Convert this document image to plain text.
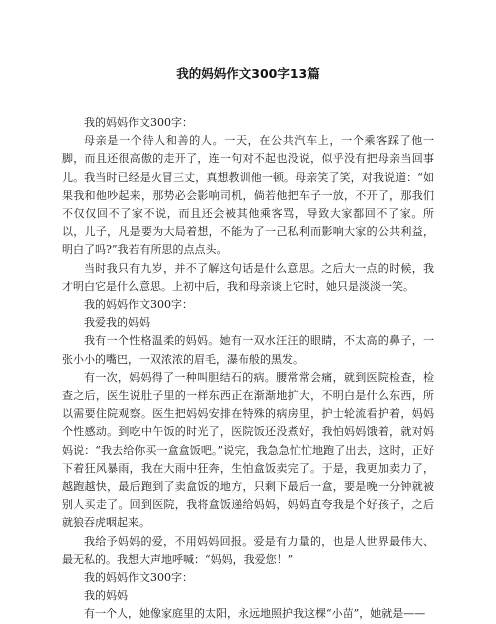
我的妈妈作文300字13篇

我的妈妈作文300字：

母亲是一个待人和善的人。一天，在公共汽车上，一个乘客踩了他一脚，而且还很高傲的走开了，连一句对不起也没说，似乎没有把母亲当回事儿。我当时已经是火冒三丈，真想教训他一顿。母亲笑了笑，对我说道：“如果我和他吵起来，那势必会影响司机，倘若他把车子一放，不开了，那我们不仅仅回不了家不说，而且还会被其他乘客骂，导致大家都回不了家。所以，儿子，凡是要为大局着想，不能为了一己私利而影响大家的公共利益，明白了吗?”我若有所思的点点头。

当时我只有九岁，并不了解这句话是什么意思。之后大一点的时候，我才明白它是什么意思。上初中后，我和母亲谈上它时，她只是淡淡一笑。

我的妈妈作文300字：

我爱我的妈妈

我有一个性格温柔的妈妈。她有一双水汪汪的眼睛，不太高的鼻子，一张小小的嘴巴，一双浓浓的眉毛，瀑布般的黑发。

有一次，妈妈得了一种叫胆结石的病。腰常常会痛，就到医院检查，检查之后，医生说肚子里的一样东西正在渐渐地扩大，不明白是什么东西，所以需要住院观察。医生把妈妈安排在特殊的病房里，护士轮流看护着，妈妈个性感动。到吃中午饭的时光了，医院饭还没煮好，我怕妈妈饿着，就对妈妈说：“我去给你买一盒盒饭吧。”说完，我急急忙忙地跑了出去，这时，正好下着狂风暴雨，我在大雨中狂奔，生怕盒饭卖完了。于是，我更加卖力了，越跑越快，最后跑到了卖盒饭的地方，只剩下最后一盒，要是晚一分钟就被别人买走了。回到医院，我将盒饭递给妈妈，妈妈直夸我是个好孩子，之后就狼吞虎咽起来。

我给予妈妈的爱，不用妈妈回报。爱是有力量的，也是人世界最伟大、最无私的。我想大声地呼喊：“妈妈，我爱您！”

我的妈妈作文300字：

我的妈妈

有一个人，她像家庭里的太阳，永远地照护我这棵“小苗”，她就是——
